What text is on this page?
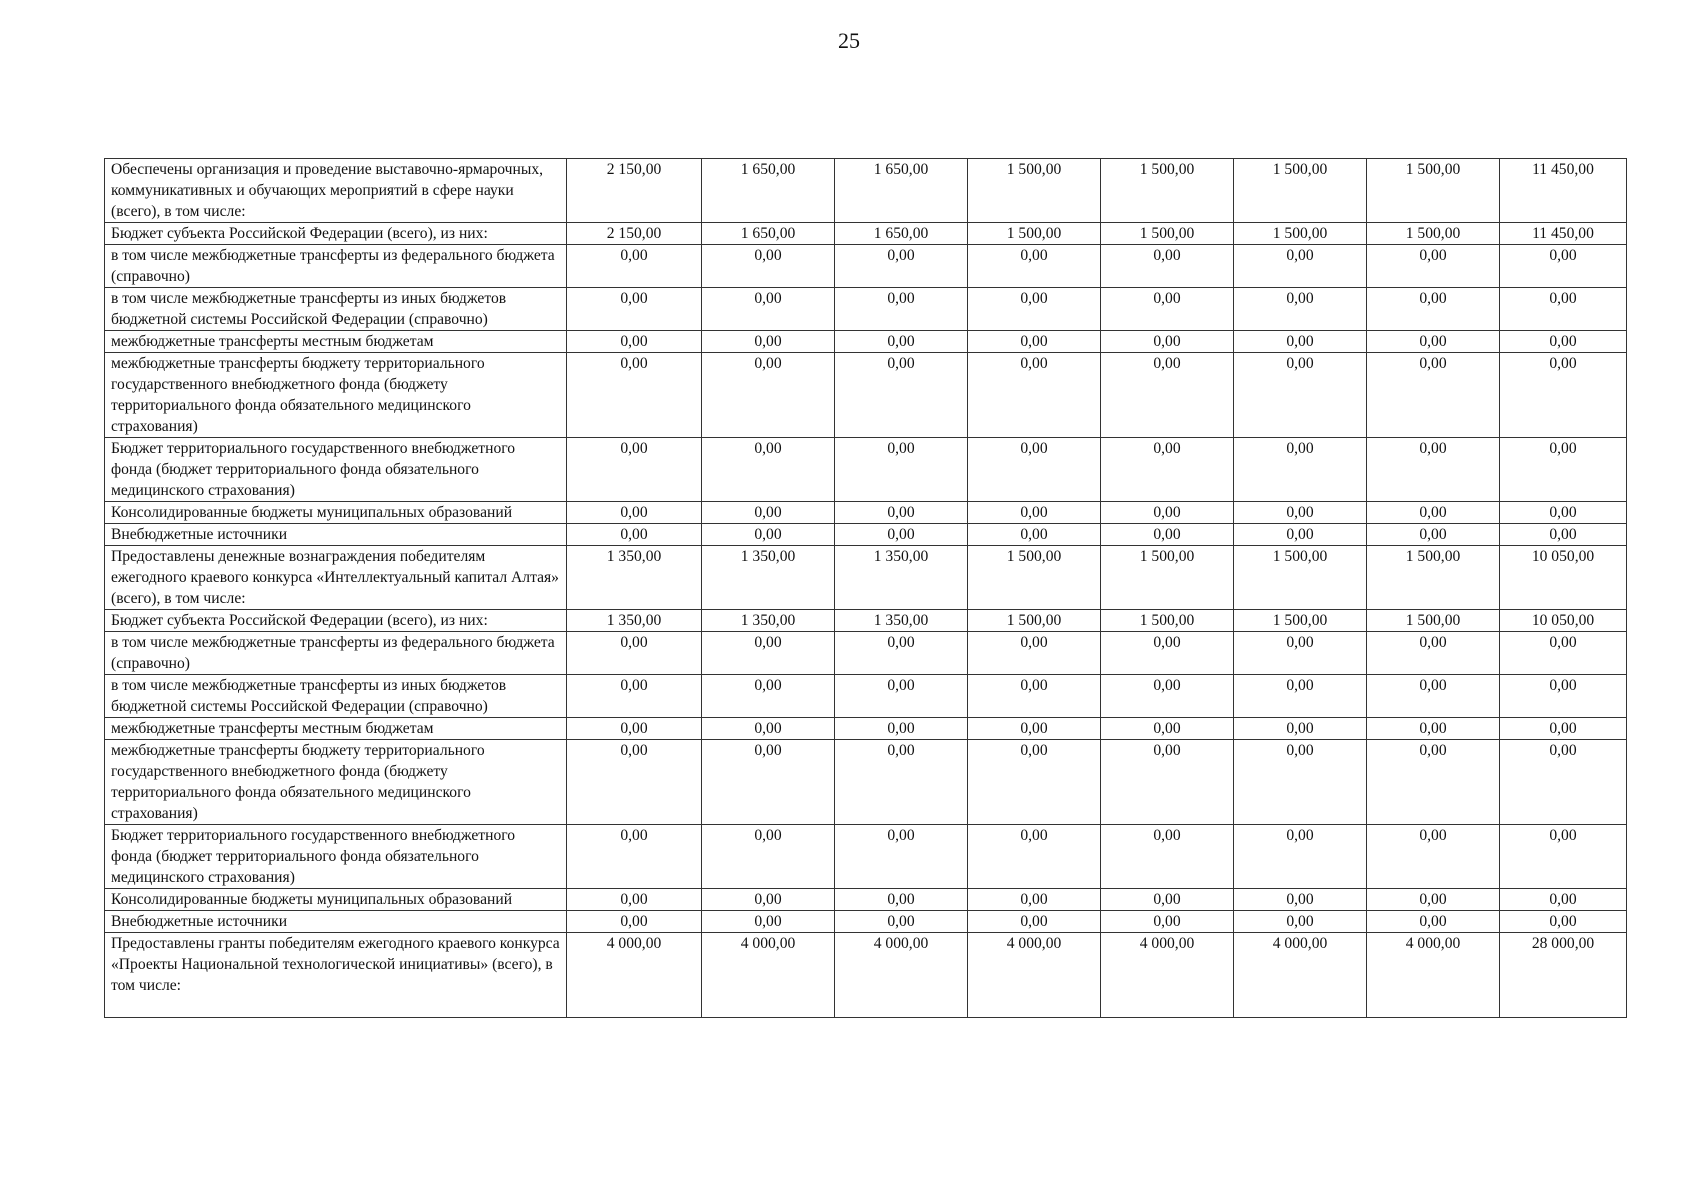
25
Обеспечены организация и проведение выставочно-ярмарочных, коммуникативных и обучающих мероприятий в сфере науки (всего), в том числе:	2 150,00	1 650,00	1 650,00	1 500,00	1 500,00	1 500,00	1 500,00	11 450,00
Бюджет субъекта Российской Федерации (всего), из них:	2 150,00	1 650,00	1 650,00	1 500,00	1 500,00	1 500,00	1 500,00	11 450,00
в том числе межбюджетные трансферты из федерального бюджета (справочно)	0,00	0,00	0,00	0,00	0,00	0,00	0,00	0,00
в том числе межбюджетные трансферты из иных бюджетов бюджетной системы Российской Федерации (справочно)	0,00	0,00	0,00	0,00	0,00	0,00	0,00	0,00
межбюджетные трансферты местным бюджетам	0,00	0,00	0,00	0,00	0,00	0,00	0,00	0,00
межбюджетные трансферты бюджету территориального государственного внебюджетного фонда (бюджету территориального фонда обязательного медицинского страхования)	0,00	0,00	0,00	0,00	0,00	0,00	0,00	0,00
Бюджет территориального государственного внебюджетного фонда (бюджет территориального фонда обязательного медицинского страхования)	0,00	0,00	0,00	0,00	0,00	0,00	0,00	0,00
Консолидированные бюджеты муниципальных образований	0,00	0,00	0,00	0,00	0,00	0,00	0,00	0,00
Внебюджетные источники	0,00	0,00	0,00	0,00	0,00	0,00	0,00	0,00
Предоставлены денежные вознаграждения победителям ежегодного краевого конкурса «Интеллектуальный капитал Алтая» (всего), в том числе:	1 350,00	1 350,00	1 350,00	1 500,00	1 500,00	1 500,00	1 500,00	10 050,00
Бюджет субъекта Российской Федерации (всего), из них:	1 350,00	1 350,00	1 350,00	1 500,00	1 500,00	1 500,00	1 500,00	10 050,00
в том числе межбюджетные трансферты из федерального бюджета (справочно)	0,00	0,00	0,00	0,00	0,00	0,00	0,00	0,00
в том числе межбюджетные трансферты из иных бюджетов бюджетной системы Российской Федерации (справочно)	0,00	0,00	0,00	0,00	0,00	0,00	0,00	0,00
межбюджетные трансферты местным бюджетам	0,00	0,00	0,00	0,00	0,00	0,00	0,00	0,00
межбюджетные трансферты бюджету территориального государственного внебюджетного фонда (бюджету территориального фонда обязательного медицинского страхования)	0,00	0,00	0,00	0,00	0,00	0,00	0,00	0,00
Бюджет территориального государственного внебюджетного фонда (бюджет территориального фонда обязательного медицинского страхования)	0,00	0,00	0,00	0,00	0,00	0,00	0,00	0,00
Консолидированные бюджеты муниципальных образований	0,00	0,00	0,00	0,00	0,00	0,00	0,00	0,00
Внебюджетные источники	0,00	0,00	0,00	0,00	0,00	0,00	0,00	0,00
Предоставлены гранты победителям ежегодного краевого конкурса «Проекты Национальной технологической инициативы» (всего), в том числе:	4 000,00	4 000,00	4 000,00	4 000,00	4 000,00	4 000,00	4 000,00	28 000,00
